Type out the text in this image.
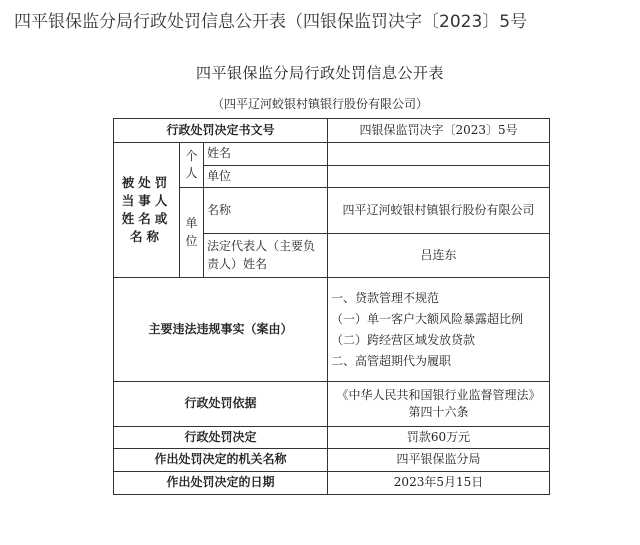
四平银保监分局行政处罚信息公开表（四银保监罚决字〔2023〕5号
四平银保监分局行政处罚信息公开表
（四平辽河蛟银村镇银行股份有限公司）
行政处罚决定书文号			四银保监罚决字〔2023〕5号
被处罚当事人姓名或名称	个人	姓名	
		单位	
	单位	名称	四平辽河蛟银村镇银行股份有限公司
		法定代表人（主要负责人）姓名	吕连东
主要违法违规事实（案由）			一、贷款管理不规范
（一）单一客户大额风险暴露超比例
（二）跨经营区域发放贷款
二、高管超期代为履职

行政处罚依据			《中华人民共和国银行业监督管理法》第四十六条
行政处罚决定			罚款60万元
作出处罚决定的机关名称			四平银保监分局
作出处罚决定的日期			2023年5月15日
